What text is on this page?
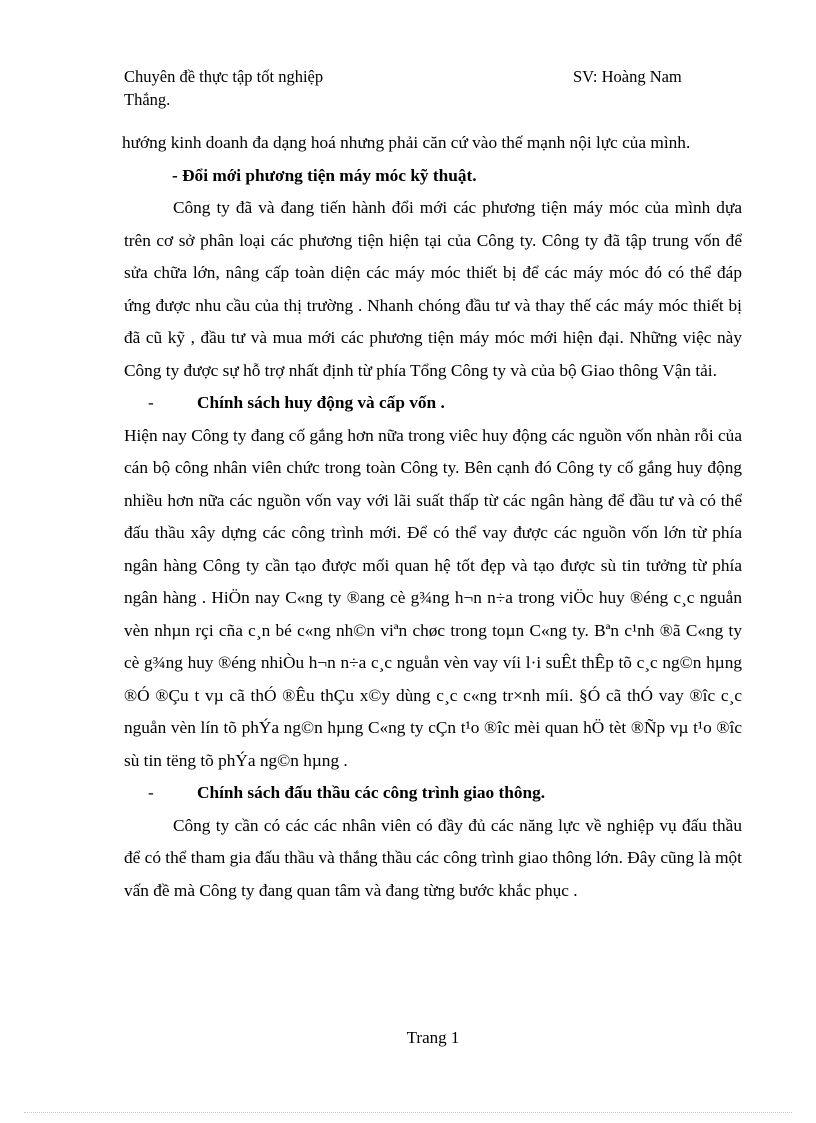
Chuyên đề thực tập tốt nghiệp	SV: Hoàng Nam
Thắng.

hướng kinh doanh đa dạng hoá nhưng phải căn cứ vào thế mạnh nội lực của mình.

- Đổi mới phương tiện máy móc kỹ thuật.

Công ty đã và đang tiến hành đổi mới các phương tiện máy móc của mình dựa trên cơ sở phân loại các phương tiện hiện tại của Công ty. Công ty đã tập trung vốn để sửa chữa lớn, nâng cấp toàn diện các máy móc thiết bị để các máy móc đó có thể đáp ứng được nhu cầu của thị trường . Nhanh chóng đầu tư và thay thế các máy móc thiết bị đã cũ kỹ , đầu tư và mua mới các phương tiện máy móc mới hiện đại. Những việc này Công ty được sự hỗ trợ nhất định từ phía Tổng Công ty và của bộ Giao thông Vận tải.

- Chính sách huy động và cấp vốn .

Hiện nay Công ty đang cố gắng hơn nữa trong viêc huy động các nguồn vốn nhàn rỗi của cán bộ công nhân viên chức trong toàn Công ty. Bên cạnh đó Công ty cố gắng huy động nhiều hơn nữa các nguồn vốn vay với lãi suất thấp từ các ngân hàng để đầu tư và có thể đấu thầu xây dựng các công trình mới. Để có thể vay được các nguồn vốn lớn từ phía ngân hàng Công ty cần tạo được mối quan hệ tốt đẹp và tạo được sù tin tưởng từ phía ngân hàng . HiÖn nay C«ng ty ®ang cè g¾ng h¬n n÷a trong viÖc huy ®éng c¸c nguån vèn nhµn rçi cña c¸n bé c«ng nh©n viªn chøc trong toµn C«ng ty. Bªn c¹nh ®ã C«ng ty cè g¾ng huy ®éng nhiÒu h¬n n÷a c¸c nguån vèn vay víi l·i suÊt thÊp tõ c¸c ng©n hµng ®Ó ®Çu t vµ cã thÓ ®Êu thÇu x©y dùng c¸c c«ng tr×nh míi. §Ó cã thÓ vay ®îc c¸c nguån vèn lín tõ phÝa ng©n hµng C«ng ty cÇn t¹o ®îc mèi quan hÖ tèt ®Ñp vµ t¹o ®îc sù tin tëng tõ phÝa ng©n hµng .

- Chính sách đấu thầu các công trình giao thông.

Công ty cần có các các nhân viên có đầy đủ các năng lực về nghiệp vụ đấu thầu để có thể tham gia đấu thầu và thắng thầu các công trình giao thông lớn. Đây cũng là một vấn đề mà Công ty đang quan tâm và đang từng bước khắc phục .

Trang 1
